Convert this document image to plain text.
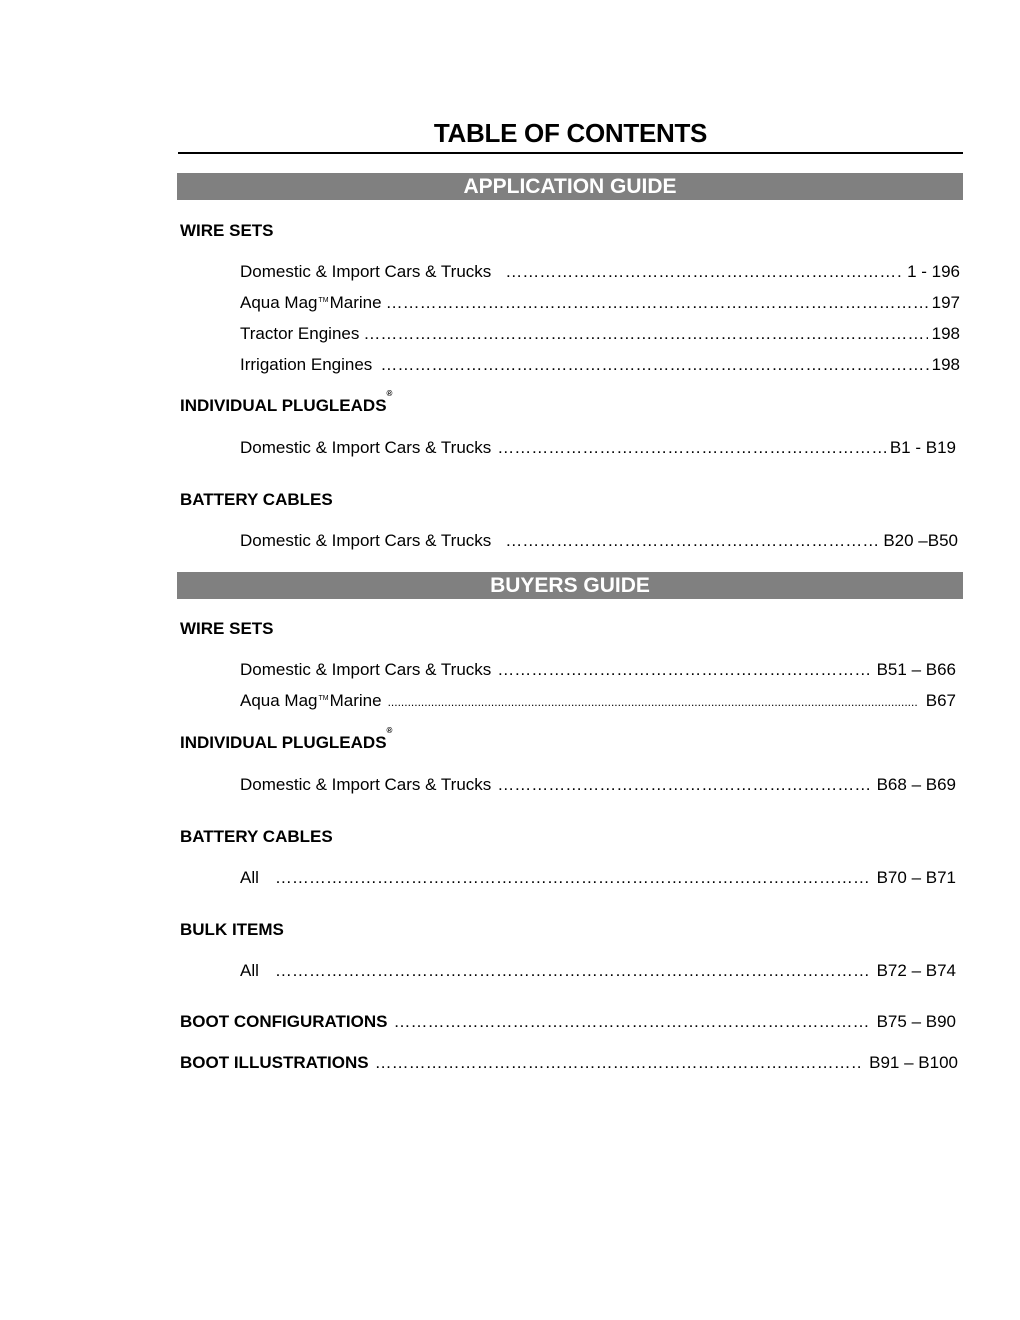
TABLE OF CONTENTS
APPLICATION GUIDE
WIRE SETS
Domestic & Import Cars & Trucks ………………………………………………………………………………………………………………………………………………………………………………………………………	1 - 196
Aqua Mag™Marine ………………………………………………………………………………………………………………………………………………………………………………………………………	197
Tractor Engines ………………………………………………………………………………………………………………………………………………………………………………………………………	198
Irrigation Engines ………………………………………………………………………………………………………………………………………………………………………………………………………	198
INDIVIDUAL PLUGLEADS
®
Domestic & Import Cars & Trucks ………………………………………………………………………………………………………………………………………………………………………………………………………	B1 - B19
BATTERY CABLES
Domestic & Import Cars & Trucks ………………………………………………………………………………………………………………………………………………………………………………………………………	B20 –B50
BUYERS GUIDE
WIRE SETS
Domestic & Import Cars & Trucks ………………………………………………………………………………………………………………………………………………………………………………………………………	B51 – B66
Aqua Mag™Marine .....	B67
INDIVIDUAL PLUGLEADS
®
Domestic & Import Cars & Trucks ………………………………………………………………………………………………………………………………………………………………………………………………………	B68 – B69
BATTERY CABLES
All ………………………………………………………………………………………………………………………………………………………………………………………………………	B70 – B71
BULK ITEMS
All ………………………………………………………………………………………………………………………………………………………………………………………………………	B72 – B74
BOOT CONFIGURATIONS ………………………………………………………………………………………………………………………………………………………………………………………………………	B75 – B90
BOOT ILLUSTRATIONS ………………………………………………………………………………………………………………………………………………………………………………………………………	B91 – B100
